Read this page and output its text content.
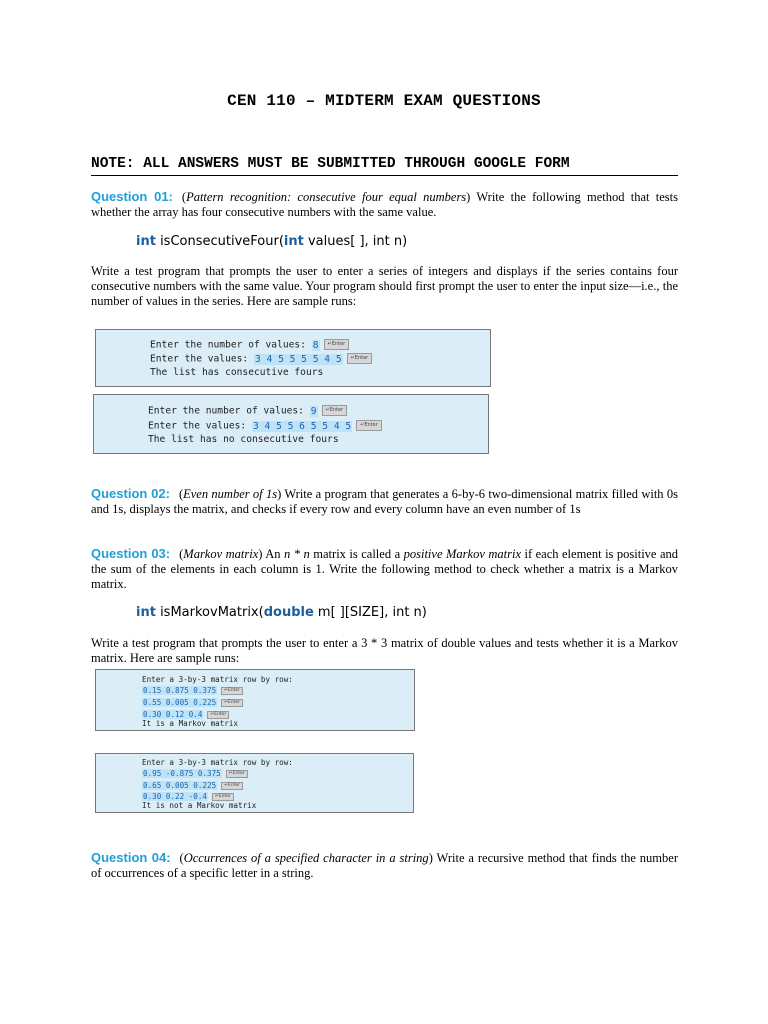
CEN 110 – MIDTERM EXAM QUESTIONS
NOTE: ALL ANSWERS MUST BE SUBMITTED THROUGH GOOGLE FORM
Question 01: (Pattern recognition: consecutive four equal numbers) Write the following method that tests whether the array has four consecutive numbers with the same value.
int isConsecutiveFour(int values[ ], int n)
Write a test program that prompts the user to enter a series of integers and displays if the series contains four consecutive numbers with the same value. Your program should first prompt the user to enter the input size—i.e., the number of values in the series. Here are sample runs:
Enter the number of values: 8 ↵Enter
Enter the values: 3 4 5 5 5 5 4 5 ↵Enter
The list has consecutive fours
Enter the number of values: 9 ↵Enter
Enter the values: 3 4 5 5 6 5 5 4 5 ↵Enter
The list has no consecutive fours
Question 02: (Even number of 1s) Write a program that generates a 6-by-6 two-dimensional matrix filled with 0s and 1s, displays the matrix, and checks if every row and every column have an even number of 1s
Question 03: (Markov matrix) An n * n matrix is called a positive Markov matrix if each element is positive and the sum of the elements in each column is 1. Write the following method to check whether a matrix is a Markov matrix.
int isMarkovMatrix(double m[ ][SIZE], int n)
Write a test program that prompts the user to enter a 3 * 3 matrix of double values and tests whether it is a Markov matrix. Here are sample runs:
Enter a 3-by-3 matrix row by row:
0.15 0.875 0.375 ↵Enter
0.55 0.005 0.225 ↵Enter
0.30 0.12 0.4 ↵Enter
It is a Markov matrix
Enter a 3-by-3 matrix row by row:
0.95 -0.875 0.375 ↵Enter
0.65 0.005 0.225 ↵Enter
0.30 0.22 -0.4 ↵Enter
It is not a Markov matrix
Question 04: (Occurrences of a specified character in a string) Write a recursive method that finds the number of occurrences of a specific letter in a string.
